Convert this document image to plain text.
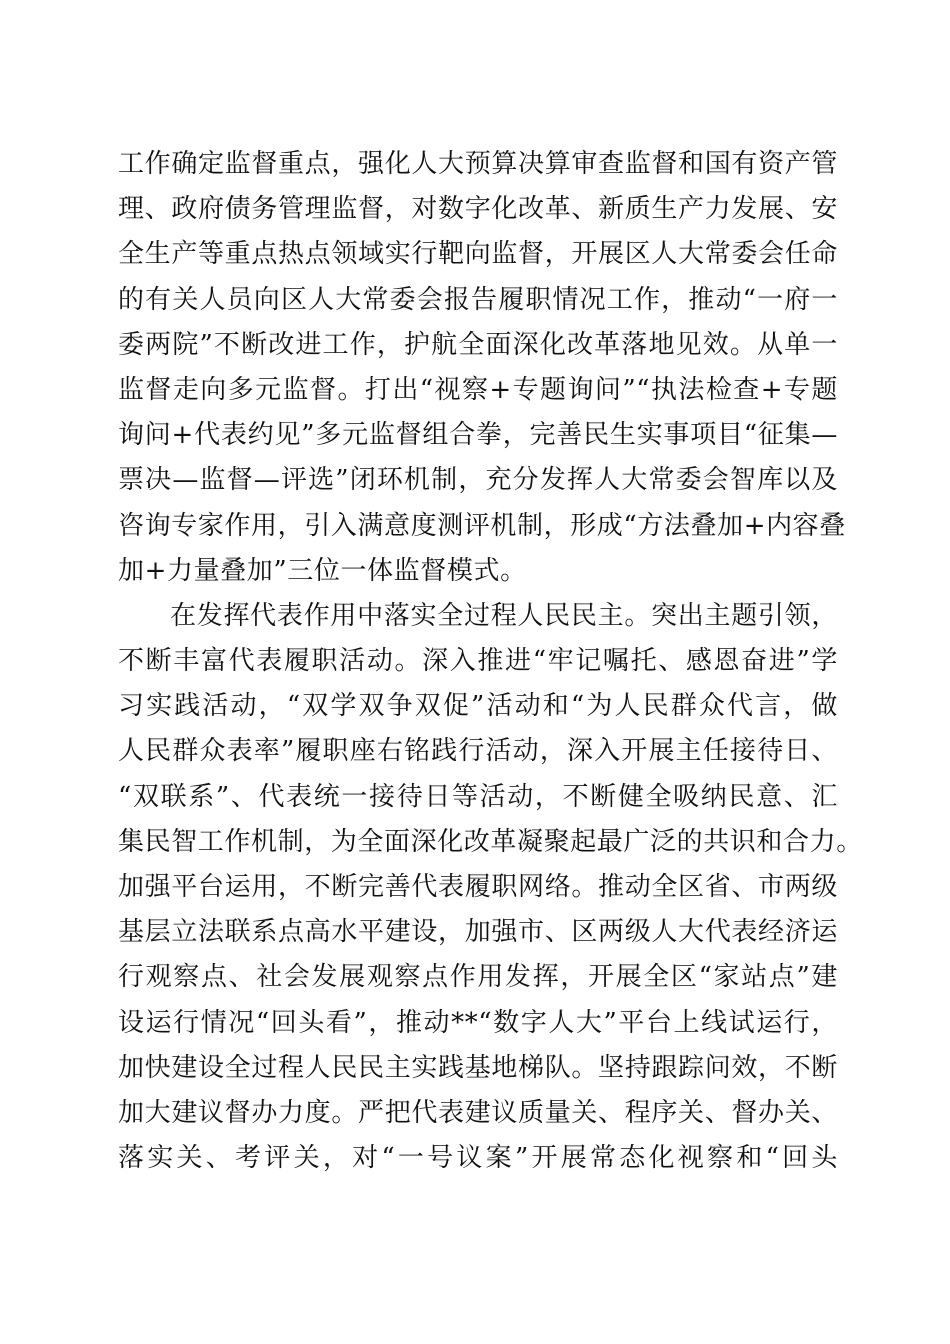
工作确定监督重点，强化人大预算决算审查监督和国有资产管
理、政府债务管理监督，对数字化改革、新质生产力发展、安
全生产等重点热点领域实行靶向监督，开展区人大常委会任命
的有关人员向区人大常委会报告履职情况工作，推动“一府一
委两院”不断改进工作，护航全面深化改革落地见效。从单一
监督走向多元监督。打出“视察+专题询问”“执法检查+专题
询问+代表约见”多元监督组合拳，完善民生实事项目“征集—
票决—监督—评选”闭环机制，充分发挥人大常委会智库以及
咨询专家作用，引入满意度测评机制，形成“方法叠加+内容叠
加+力量叠加”三位一体监督模式。
在发挥代表作用中落实全过程人民民主。突出主题引领，
不断丰富代表履职活动。深入推进“牢记嘱托、感恩奋进”学
习实践活动，“双学双争双促”活动和“为人民群众代言，做
人民群众表率”履职座右铭践行活动，深入开展主任接待日、
“双联系”、代表统一接待日等活动，不断健全吸纳民意、汇
集民智工作机制，为全面深化改革凝聚起最广泛的共识和合力。
加强平台运用，不断完善代表履职网络。推动全区省、市两级
基层立法联系点高水平建设，加强市、区两级人大代表经济运
行观察点、社会发展观察点作用发挥，开展全区“家站点”建
设运行情况“回头看”，推动**“数字人大”平台上线试运行，
加快建设全过程人民民主实践基地梯队。坚持跟踪问效，不断
加大建议督办力度。严把代表建议质量关、程序关、督办关、
落实关、考评关，对“一号议案”开展常态化视察和“回头
